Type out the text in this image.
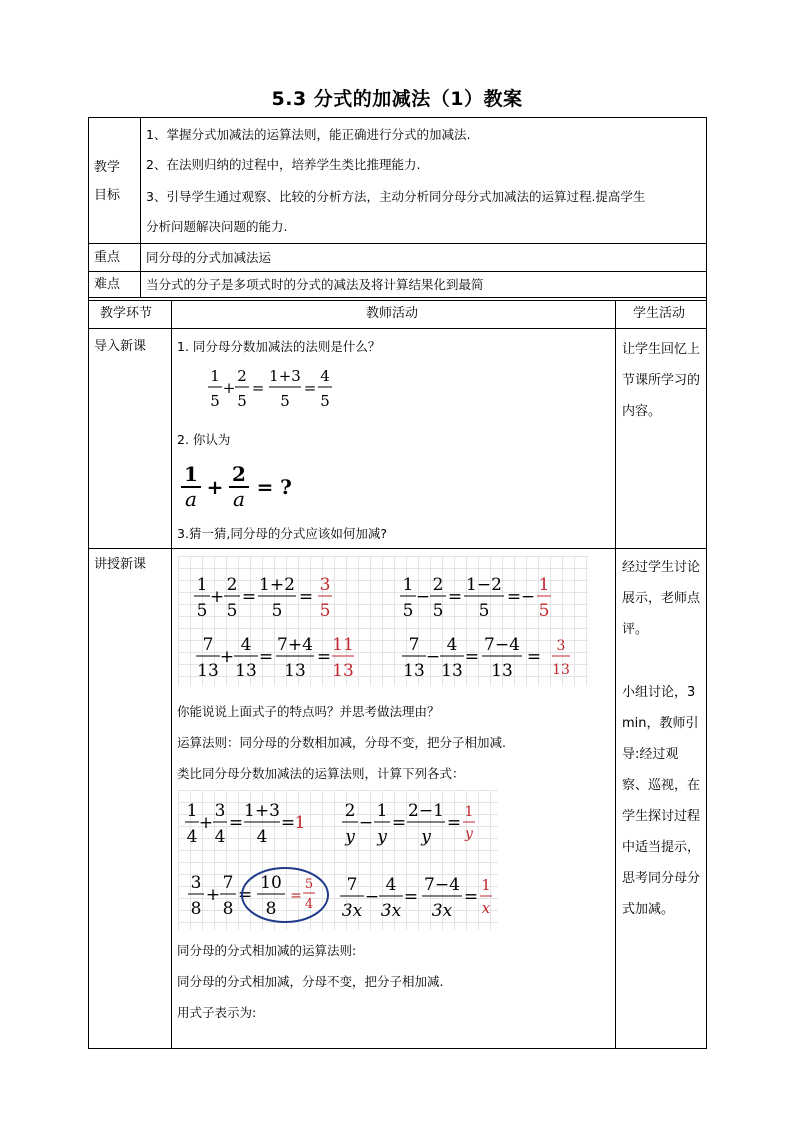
5.3 分式的加减法（1）教案
教学
目标
1、掌握分式加减法的运算法则，能正确进行分式的加减法.
2、在法则归纳的过程中，培养学生类比推理能力.
3、引导学生通过观察、比较的分析方法，主动分析同分母分式加减法的运算过程.提高学生
分析问题解决问题的能力.
重点 同分母的分式加减法运
难点 当分式的分子是多项式时的分式的减法及将计算结果化到最简
教学环节	教师活动	学生活动
导入新课 1. 同分母分数加减法的法则是什么？
1
5
+
2
5
=
1+3
5
=
4
5
2. 你认为
1
a +
2
a = ?
3.猜一猜,同分母的分式应该如何加减?
让学生回忆上节课所学习的内容。
讲授新课
1
5
+
2
5
=
1+2
5
=
3
5
1
5
−
2
5
=
1−2
5
= −
1
5
7
13
+
4
13
=
7+4
13
=
11
13
7
13
−
4
13
=
7−4
13
=
3
13
你能说说上面式子的特点吗？并思考做法理由？
运算法则：同分母的分数相加减，分母不变，把分子相加减.
类比同分母分数加减法的运算法则，计算下列各式：
1
4
+
3
4
=
1+3
4
= 1
2
y
−
1
y
=
2−1
y
=
1
y
3
8
+
7
8
=
10
8
=
5
4
7
3x
−
4
3x
=
7−4
3x
=
1
x
同分母的分式相加减的运算法则:
同分母的分式相加减，分母不变，把分子相加减.
用式子表示为:
经过学生讨论展示，老师点评。
小组讨论，3min，教师引导:经过观察、巡视，在学生探讨过程中适当提示，思考同分母分式加减。
